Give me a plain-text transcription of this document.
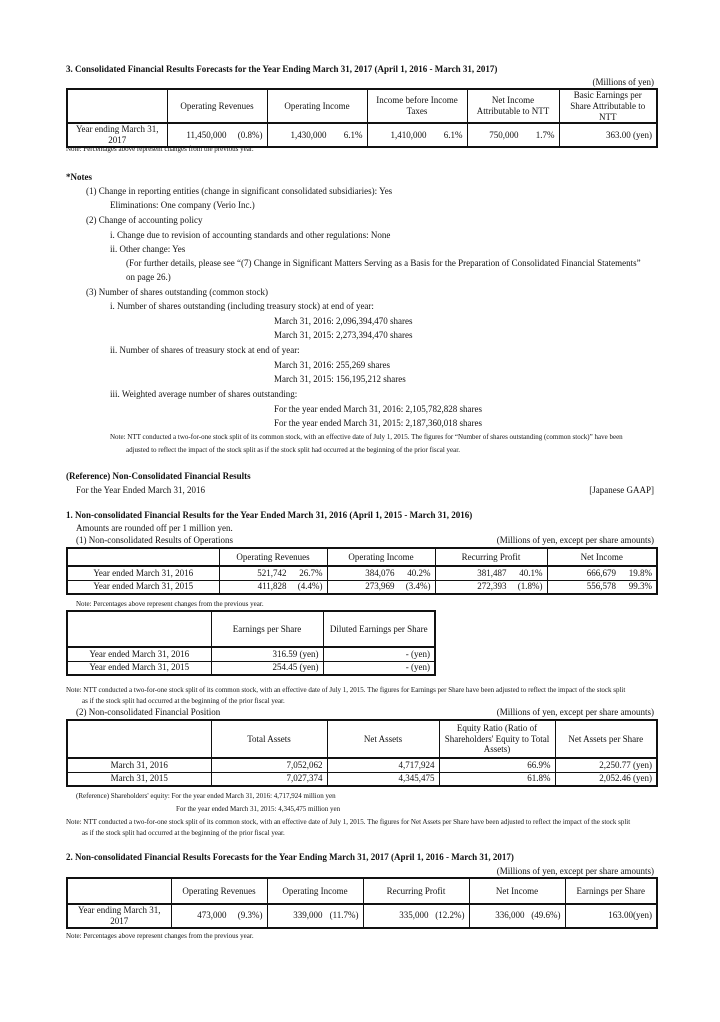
3. Consolidated Financial Results Forecasts for the Year Ending March 31, 2017 (April 1, 2016 - March 31, 2017)
(Millions of yen)
	Operating Revenues	Operating Income	Income before Income Taxes	Net Income Attributable to NTT	Basic Earnings per Share Attributable to NTT
Year ending March 31, 2017	11,450,000 (0.8%)	1,430,000 6.1%	1,410,000 6.1%	750,000 1.7%	363.00 (yen)
Note: Percentages above represent changes from the previous year.
*Notes
(1) Change in reporting entities (change in significant consolidated subsidiaries): Yes
Eliminations: One company (Verio Inc.)
(2) Change of accounting policy
i. Change due to revision of accounting standards and other regulations: None
ii. Other change: Yes
(For further details, please see “(7) Change in Significant Matters Serving as a Basis for the Preparation of Consolidated Financial Statements”
on page 26.)
(3) Number of shares outstanding (common stock)
i. Number of shares outstanding (including treasury stock) at end of year:
March 31, 2016: 2,096,394,470 shares
March 31, 2015: 2,273,394,470 shares
ii. Number of shares of treasury stock at end of year:
March 31, 2016: 255,269 shares
March 31, 2015: 156,195,212 shares
iii. Weighted average number of shares outstanding:
For the year ended March 31, 2016: 2,105,782,828 shares
For the year ended March 31, 2015: 2,187,360,018 shares
Note: NTT conducted a two-for-one stock split of its common stock, with an effective date of July 1, 2015. The figures for “Number of shares outstanding (common stock)” have been
adjusted to reflect the impact of the stock split as if the stock split had occurred at the beginning of the prior fiscal year.
(Reference) Non-Consolidated Financial Results
For the Year Ended March 31, 2016	[Japanese GAAP]
1. Non-consolidated Financial Results for the Year Ended March 31, 2016 (April 1, 2015 - March 31, 2016)
Amounts are rounded off per 1 million yen.
(1) Non-consolidated Results of Operations	(Millions of yen, except per share amounts)
	Operating Revenues	Operating Income	Recurring Profit	Net Income
Year ended March 31, 2016	521,742 26.7%	384,076 40.2%	381,487 40.1%	666,679 19.8%

Year ended March 31, 2015	411,828 (4.4%)	273,969 (3.4%)	272,393 (1.8%)	556,578 99.3%
Note: Percentages above represent changes from the previous year.
	Earnings per Share	Diluted Earnings per Share
Year ended March 31, 2016	316.59 (yen)	- (yen)
Year ended March 31, 2015	254.45 (yen)	- (yen)
Note: NTT conducted a two-for-one stock split of its common stock, with an effective date of July 1, 2015. The figures for Earnings per Share have been adjusted to reflect the impact of the stock split
as if the stock split had occurred at the beginning of the prior fiscal year.
(2) Non-consolidated Financial Position	(Millions of yen, except per share amounts)
	Total Assets	Net Assets	Equity Ratio (Ratio of Shareholders' Equity to Total Assets)	Net Assets per Share
March 31, 2016	7,052,062	4,717,924	66.9%	2,250.77 (yen)
March 31, 2015	7,027,374	4,345,475	61.8%	2,052.46 (yen)
(Reference) Shareholders' equity: For the year ended March 31, 2016: 4,717,924 million yen
For the year ended March 31, 2015: 4,345,475 million yen
Note: NTT conducted a two-for-one stock split of its common stock, with an effective date of July 1, 2015. The figures for Net Assets per Share have been adjusted to reflect the impact of the stock split
as if the stock split had occurred at the beginning of the prior fiscal year.
2. Non-consolidated Financial Results Forecasts for the Year Ending March 31, 2017 (April 1, 2016 - March 31, 2017)
(Millions of yen, except per share amounts)
	Operating Revenues	Operating Income	Recurring Profit	Net Income	Earnings per Share
Year ending March 31, 2017	473,000 (9.3%)	339,000 (11.7%)	335,000 (12.2%)	336,000 (49.6%)	163.00(yen)
Note: Percentages above represent changes from the previous year.
